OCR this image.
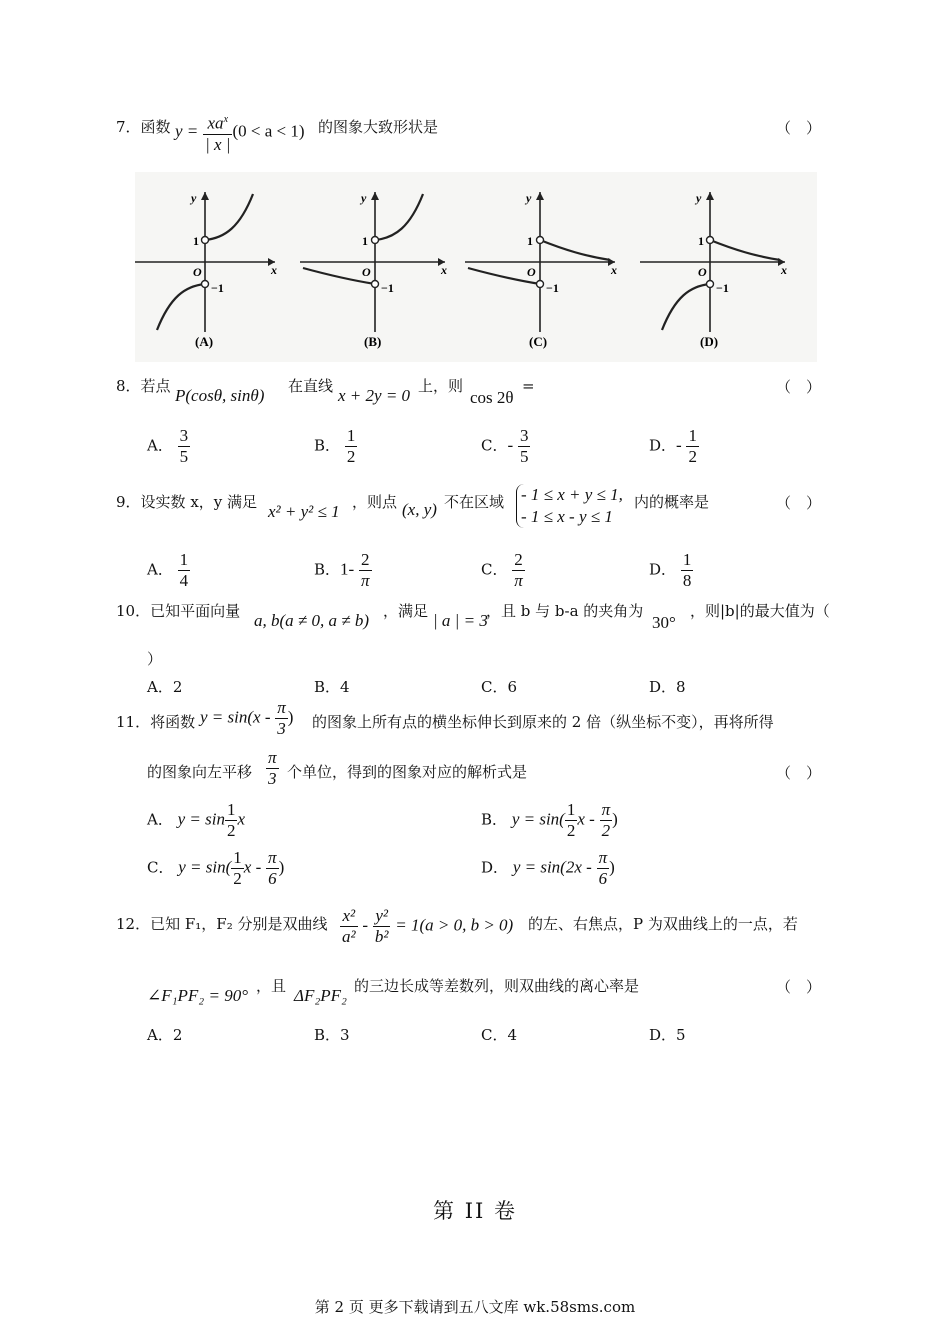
7．函数 $y = \frac{xa^x}{| x |} (0 < a < 1)$ 的图象大致形状是	（　）
y
x
O
1
−1
(A)
y
x
O
1
−1
(B)
y
x
O
1
−1
(C)
y
x
O
1
−1
(D)
8．若点 P(cosθ, sinθ) 在直线 x + 2y = 0 上，则
cos 2θ
=	（　）
A． $\frac{3}{5}$	B． $\frac{1}{2}$	C．- $\frac{3}{5}$	D．- $\frac{1}{2}$
9．设实数 x，y 满足 x² + y² ≤ 1 ，则点 (x, y) 不在区域 - 1 ≤ x + y ≤ 1,
- 1 ≤ x - y ≤ 1
内的概率是	（　）
A． $\frac{1}{4}$	B．$1- \frac{2}{\pi}$	C． $\frac{2}{\pi}$	D． $\frac{1}{8}$
10．已知平面向量 a, b(a ≠ 0, a ≠ b) ，满足 | a | = 3
，且 b 与 b-a 的夹角为
30°
，则|b|的最大值为（
）
A．2	B．4	C．6	D．8
11．将函数 $y = \sin(x - \frac{\pi}{3}$ ) 的图象上所有点的横坐标伸长到原来的 2 倍（纵坐标不变），再将所得
的图象向左平移 $\frac{\pi}{3}$ 个单位，得到的图象对应的解析式是	（　）
A． $y = \sin \frac{1}{2}$ x	B． $y = \sin( \frac{1}{2}$ x - $\frac{\pi}{2}$ )
C． $y = \sin( \frac{1}{2}$ x - $\frac{\pi}{6}$ )	D． $y = \sin(2x - \frac{\pi}{6}$ )
12．已知 F₁，F₂ 分别是双曲线 $\frac{\text{x²}}{\text{a²}} - \frac{\text{y²}}{\text{b²}} = 1(a > 0$, b > 0) 的左、右焦点，P 为双曲线上的一点，若
∠F₁PF₂ = 90° ，且 ΔF₂PF₂ 的三边长成等差数列，则双曲线的离心率是	（　）
A．2	B．3	C．4	D．5
第 II 卷
第 2 页 更多下载请到五八文库 wk.58sms.com
